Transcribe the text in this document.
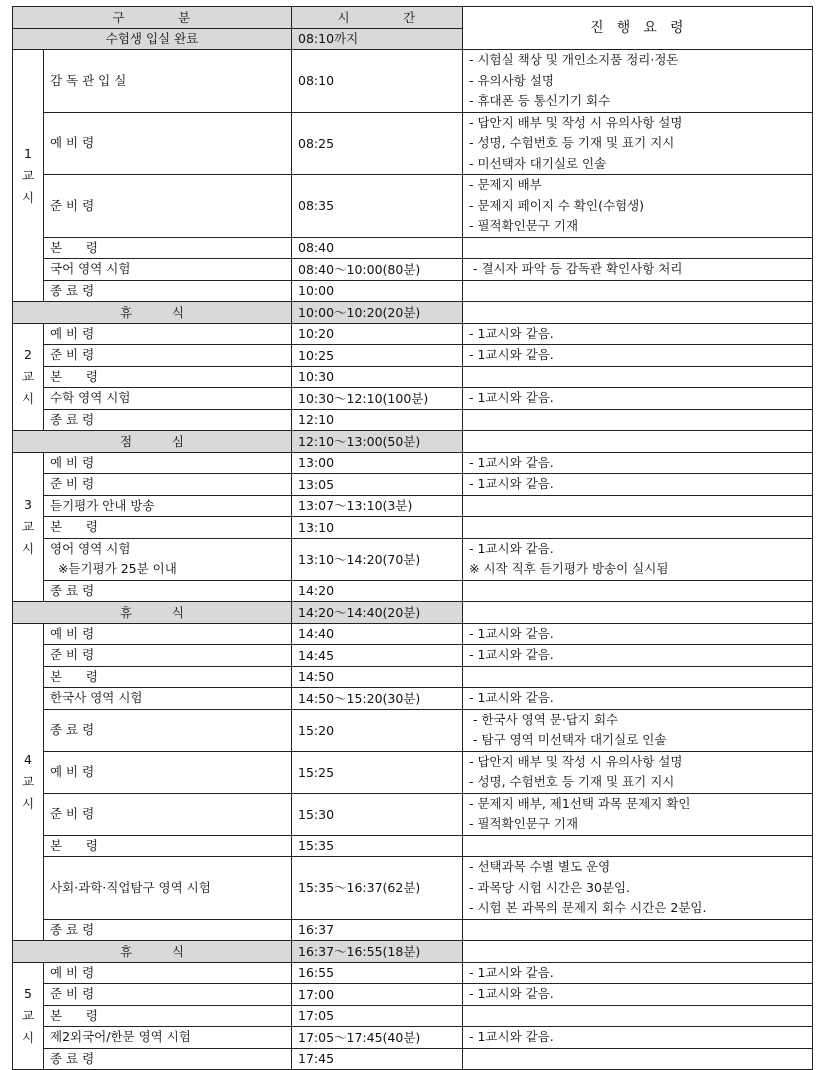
구          분		시          간	진  행  요  령
수험생 입실 완료		08:10까지	
1
교
시	감 독 관 입 실	08:10	- 시험실 책상 및 개인소지품 정리·정돈
- 유의사항 설명
- 휴대폰 등 통신기기 회수

	예 비 령	08:25	- 답안지 배부 및 작성 시 유의사항 설명
- 성명, 수험번호 등 기재 및 표기 지시
- 미선택자 대기실로 인솔

	준 비 령	08:35	- 문제지 배부
- 문제지 페이지 수 확인(수험생)
- 필적확인문구 기재

	본      령	08:40	

	국어 영역 시험	08:40～10:00(80분)	- 결시자 파악 등 감독관 확인사항 처리

	종 료 령	10:00	
휴          식		10:00～10:20(20분)	
2
교
시	예 비 령	10:20	- 1교시와 같음.

	준 비 령	10:25	- 1교시와 같음.

	본      령	10:30	

	수학 영역 시험	10:30～12:10(100분)	- 1교시와 같음.

	종 료 령	12:10	
점          심		12:10～13:00(50분)	
3
교
시	예 비 령	13:00	- 1교시와 같음.

	준 비 령	13:05	- 1교시와 같음.

	듣기평가 안내 방송	13:07～13:10(3분)	

	본      령	13:10	

	영어 영역 시험
※듣기평가 25분 이내	13:10～14:20(70분)	- 1교시와 같음.
※ 시작 직후 듣기평가 방송이 실시됨

	종 료 령	14:20	
휴          식		14:20～14:40(20분)	
4
교
시	예 비 령	14:40	- 1교시와 같음.

	준 비 령	14:45	- 1교시와 같음.

	본      령	14:50	

	한국사 영역 시험	14:50～15:20(30분)	- 1교시와 같음.

	종 료 령	15:20	- 한국사 영역 문·답지 회수
- 탐구 영역 미선택자 대기실로 인솔

	예 비 령	15:25	- 답안지 배부 및 작성 시 유의사항 설명
- 성명, 수험번호 등 기재 및 표기 지시

	준 비 령	15:30	- 문제지 배부, 제1선택 과목 문제지 확인
- 필적확인문구 기재

	본      령	15:35	

	사회·과학·직업탐구 영역 시험	15:35～16:37(62분)	- 선택과목 수별 별도 운영
- 과목당 시험 시간은 30분임.
- 시험 본 과목의 문제지 회수 시간은 2분임.

	종 료 령	16:37	
휴          식		16:37～16:55(18분)	
5
교
시	예 비 령	16:55	- 1교시와 같음.

	준 비 령	17:00	- 1교시와 같음.

	본      령	17:05	

	제2외국어/한문 영역 시험	17:05～17:45(40분)	- 1교시와 같음.

	종 료 령	17:45	
